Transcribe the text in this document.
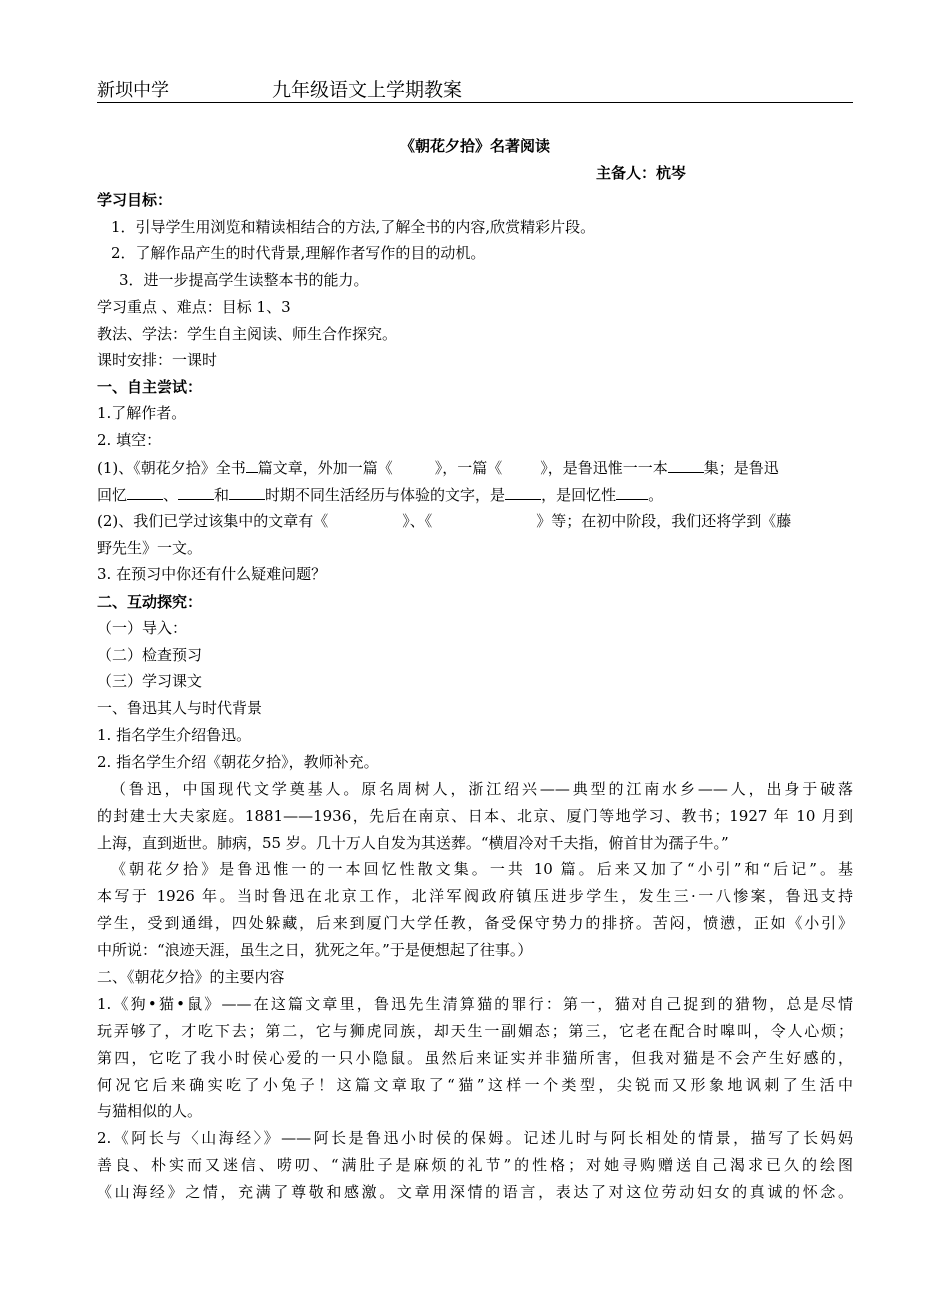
新坝中学	九年级语文上学期教案
《朝花夕拾》名著阅读
主备人：杭岑
学习目标：
1．引导学生用浏览和精读相结合的方法,了解全书的内容,欣赏精彩片段。
2．了解作品产生的时代背景,理解作者写作的目的动机。
3．进一步提高学生读整本书的能力。
学习重点 、难点：目标 1、3
教法、学法：学生自主阅读、师生合作探究。
课时安排：一课时
一、自主尝试：
1.了解作者。
2. 填空：
(1)、《朝花夕拾》全书 篇文章，外加一篇《	》，一篇《	》，是鲁迅惟一一本 集；是鲁迅
回忆 、 和 时期不同生活经历与体验的文字，是 ，是回忆性 。
(2)、我们已学过该集中的文章有《	》、《	》等；在初中阶段，我们还将学到《藤
野先生》一文。
3. 在预习中你还有什么疑难问题？
二、互动探究：
（一）导入：
（二）检查预习
（三）学习课文
一、鲁迅其人与时代背景
1. 指名学生介绍鲁迅。
2. 指名学生介绍《朝花夕拾》，教师补充。
（鲁迅，中国现代文学奠基人。原名周树人，浙江绍兴——典型的江南水乡——人，出身于破落
的封建士大夫家庭。1881——1936，先后在南京、日本、北京、厦门等地学习、教书；1927 年 10 月到
上海，直到逝世。肺病，55 岁。几十万人自发为其送葬。“横眉冷对千夫指，俯首甘为孺子牛。”
《朝花夕拾》是鲁迅惟一的一本回忆性散文集。一共 10 篇。后来又加了“小引”和“后记”。基
本写于 1926 年。当时鲁迅在北京工作，北洋军阀政府镇压进步学生，发生三·一八惨案，鲁迅支持
学生，受到通缉，四处躲藏，后来到厦门大学任教，备受保守势力的排挤。苦闷，愤懑，正如《小引》
中所说：“浪迹天涯，虽生之日，犹死之年。”于是便想起了往事。）
二、《朝花夕拾》的主要内容
1.《狗•猫•鼠》——在这篇文章里，鲁迅先生清算猫的罪行：第一，猫对自己捉到的猎物，总是尽情
玩弄够了，才吃下去；第二，它与狮虎同族，却天生一副媚态；第三，它老在配合时嗥叫，令人心烦；
第四，它吃了我小时侯心爱的一只小隐鼠。虽然后来证实并非猫所害，但我对猫是不会产生好感的，
何况它后来确实吃了小兔子！这篇文章取了“猫”这样一个类型，尖锐而又形象地讽刺了生活中
与猫相似的人。
2.《阿长与〈山海经〉》——阿长是鲁迅小时侯的保姆。记述儿时与阿长相处的情景，描写了长妈妈
善良、朴实而又迷信、唠叨、“满肚子是麻烦的礼节”的性格；对她寻购赠送自己渴求已久的绘图
《山海经》之情，充满了尊敬和感激。文章用深情的语言，表达了对这位劳动妇女的真诚的怀念。
